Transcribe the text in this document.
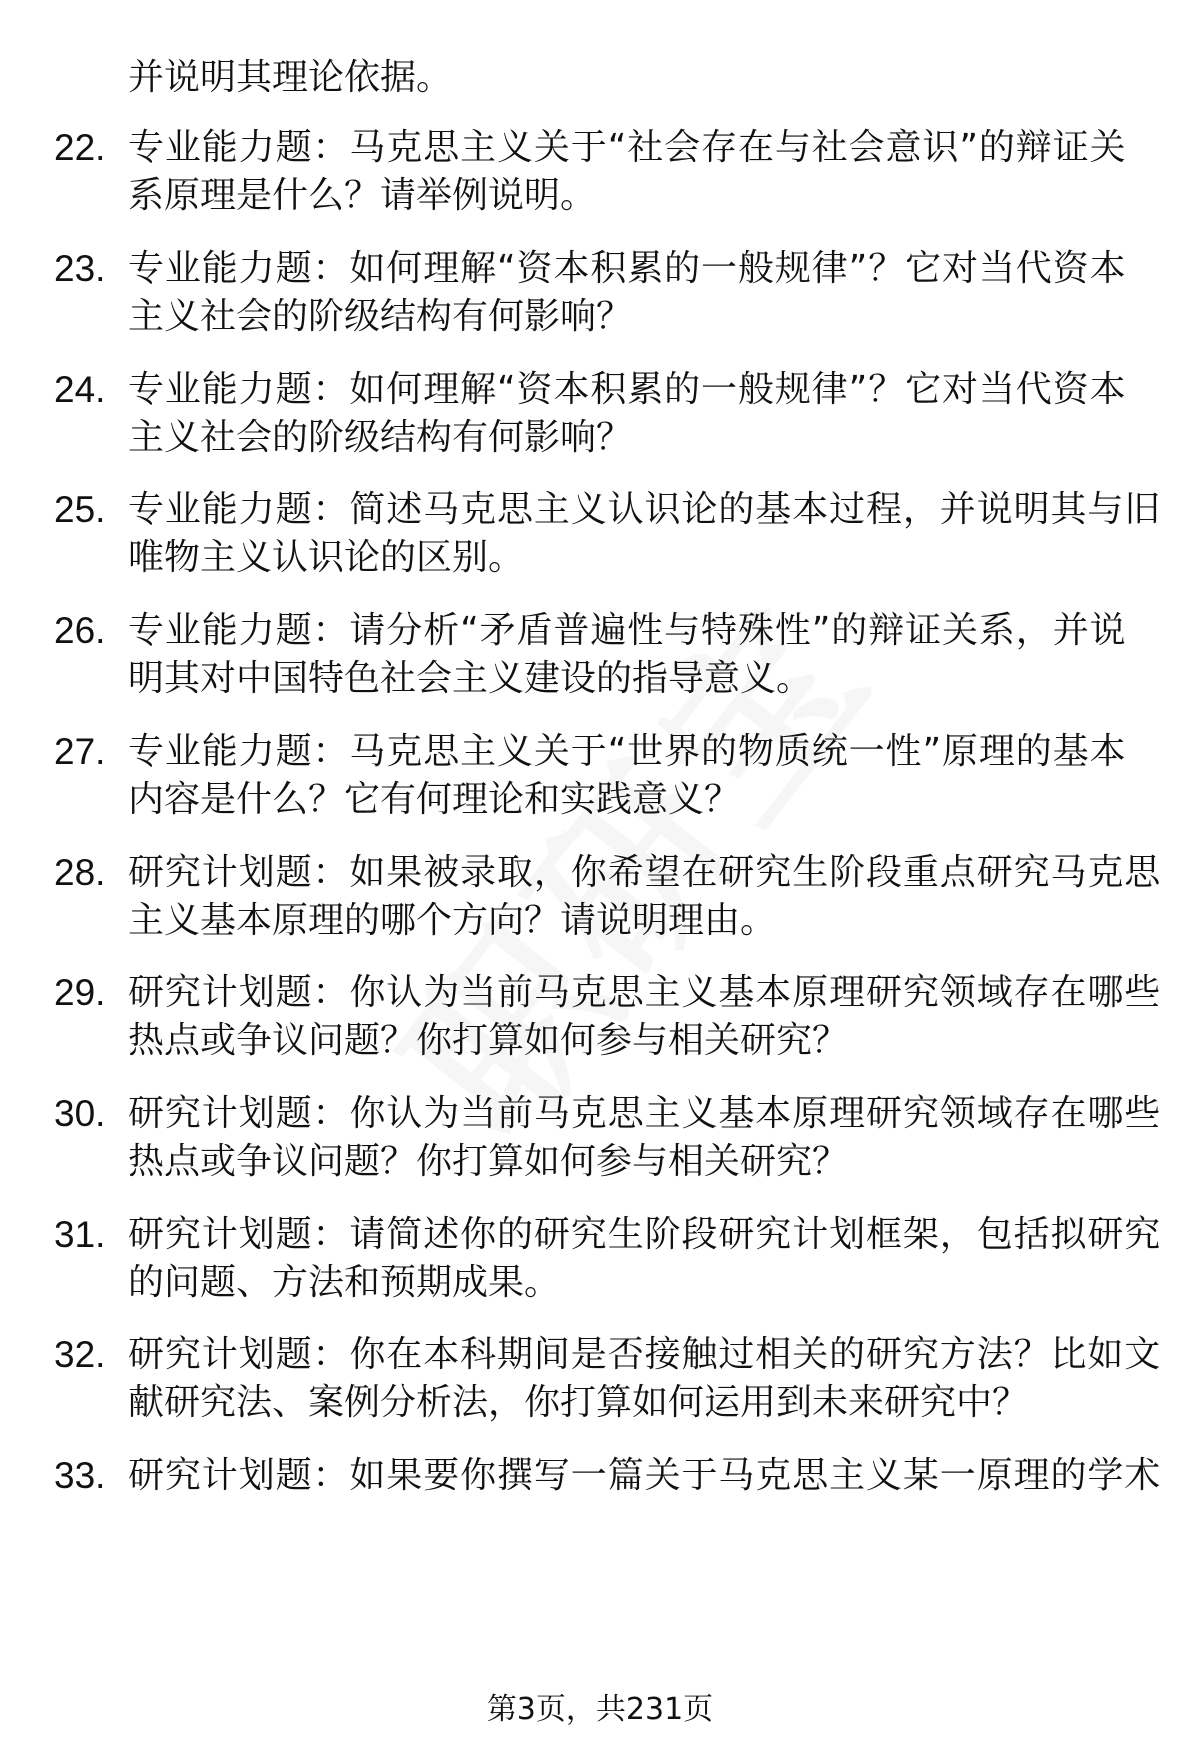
并说明其理论依据。
22. 专业能力题：马克思主义关于“社会存在与社会意识”的辩证关
系原理是什么？请举例说明。
23. 专业能力题：如何理解“资本积累的一般规律”？它对当代资本
主义社会的阶级结构有何影响？
24. 专业能力题：如何理解“资本积累的一般规律”？它对当代资本
主义社会的阶级结构有何影响？
25. 专业能力题：简述马克思主义认识论的基本过程，并说明其与旧
唯物主义认识论的区别。
26. 专业能力题：请分析“矛盾普遍性与特殊性”的辩证关系，并说
明其对中国特色社会主义建设的指导意义。
27. 专业能力题：马克思主义关于“世界的物质统一性”原理的基本
内容是什么？它有何理论和实践意义？
28. 研究计划题：如果被录取，你希望在研究生阶段重点研究马克思
主义基本原理的哪个方向？请说明理由。
29. 研究计划题：你认为当前马克思主义基本原理研究领域存在哪些
热点或争议问题？你打算如何参与相关研究？
30. 研究计划题：你认为当前马克思主义基本原理研究领域存在哪些
热点或争议问题？你打算如何参与相关研究？
31. 研究计划题：请简述你的研究生阶段研究计划框架，包括拟研究
的问题、方法和预期成果。
32. 研究计划题：你在本科期间是否接触过相关的研究方法？比如文
献研究法、案例分析法，你打算如何运用到未来研究中？
33. 研究计划题：如果要你撰写一篇关于马克思主义某一原理的学术
第3页，共231页
